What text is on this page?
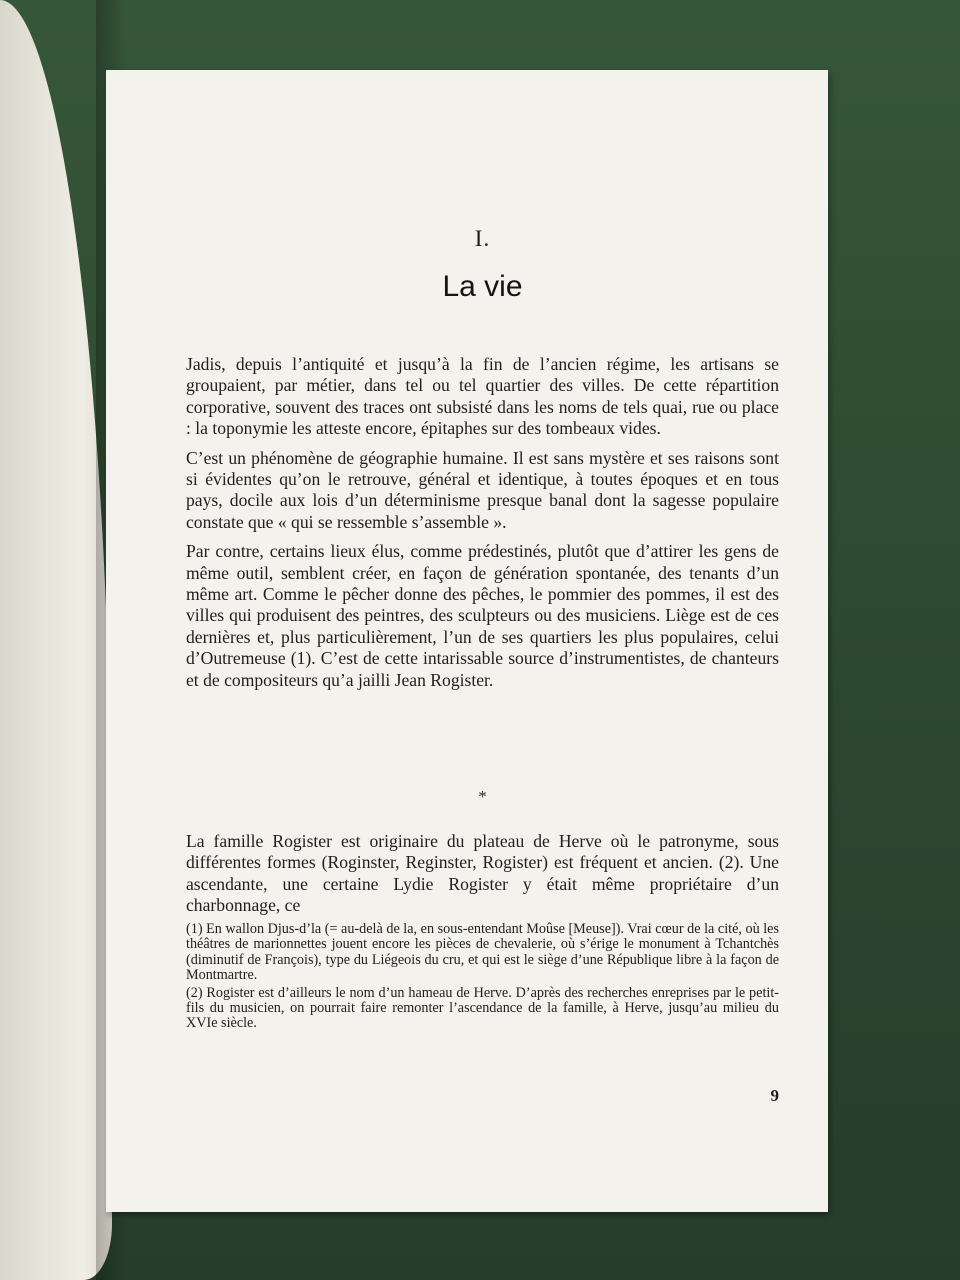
I.
La vie

Jadis, depuis l’antiquité et jusqu’à la fin de l’ancien régime, les artisans se groupaient, par métier, dans tel ou tel quartier des villes. De cette répartition corporative, souvent des traces ont subsisté dans les noms de tels quai, rue ou place : la toponymie les atteste encore, épitaphes sur des tombeaux vides.

C’est un phénomène de géographie humaine. Il est sans mystère et ses raisons sont si évidentes qu’on le retrouve, général et identique, à toutes époques et en tous pays, docile aux lois d’un déterminisme presque banal dont la sagesse populaire constate que « qui se ressemble s’assemble ».

Par contre, certains lieux élus, comme prédestinés, plutôt que d’attirer les gens de même outil, semblent créer, en façon de génération spontanée, des tenants d’un même art. Comme le pêcher donne des pêches, le pommier des pommes, il est des villes qui produisent des peintres, des sculpteurs ou des musiciens. Liège est de ces dernières et, plus particulièrement, l’un de ses quartiers les plus populaires, celui d’Outremeuse (1). C’est de cette intarissable source d’instrumentistes, de chanteurs et de compositeurs qu’a jailli Jean Rogister.

*

La famille Rogister est originaire du plateau de Herve où le patronyme, sous différentes formes (Roginster, Reginster, Rogister) est fréquent et ancien. (2). Une ascendante, une certaine Lydie Rogister y était même propriétaire d’un charbonnage, ce

(1) En wallon Djus-d’la (= au-delà de la, en sous-entendant Moûse [Meuse]). Vrai cœur de la cité, où les théâtres de marionnettes jouent encore les pièces de chevalerie, où s’érige le monument à Tchantchès (diminutif de François), type du Liégeois du cru, et qui est le siège d’une République libre à la façon de Montmartre.

(2) Rogister est d’ailleurs le nom d’un hameau de Herve. D’après des recherches enreprises par le petit-fils du musicien, on pourrait faire remonter l’ascendance de la famille, à Herve, jusqu’au milieu du XVIe siècle.

9
